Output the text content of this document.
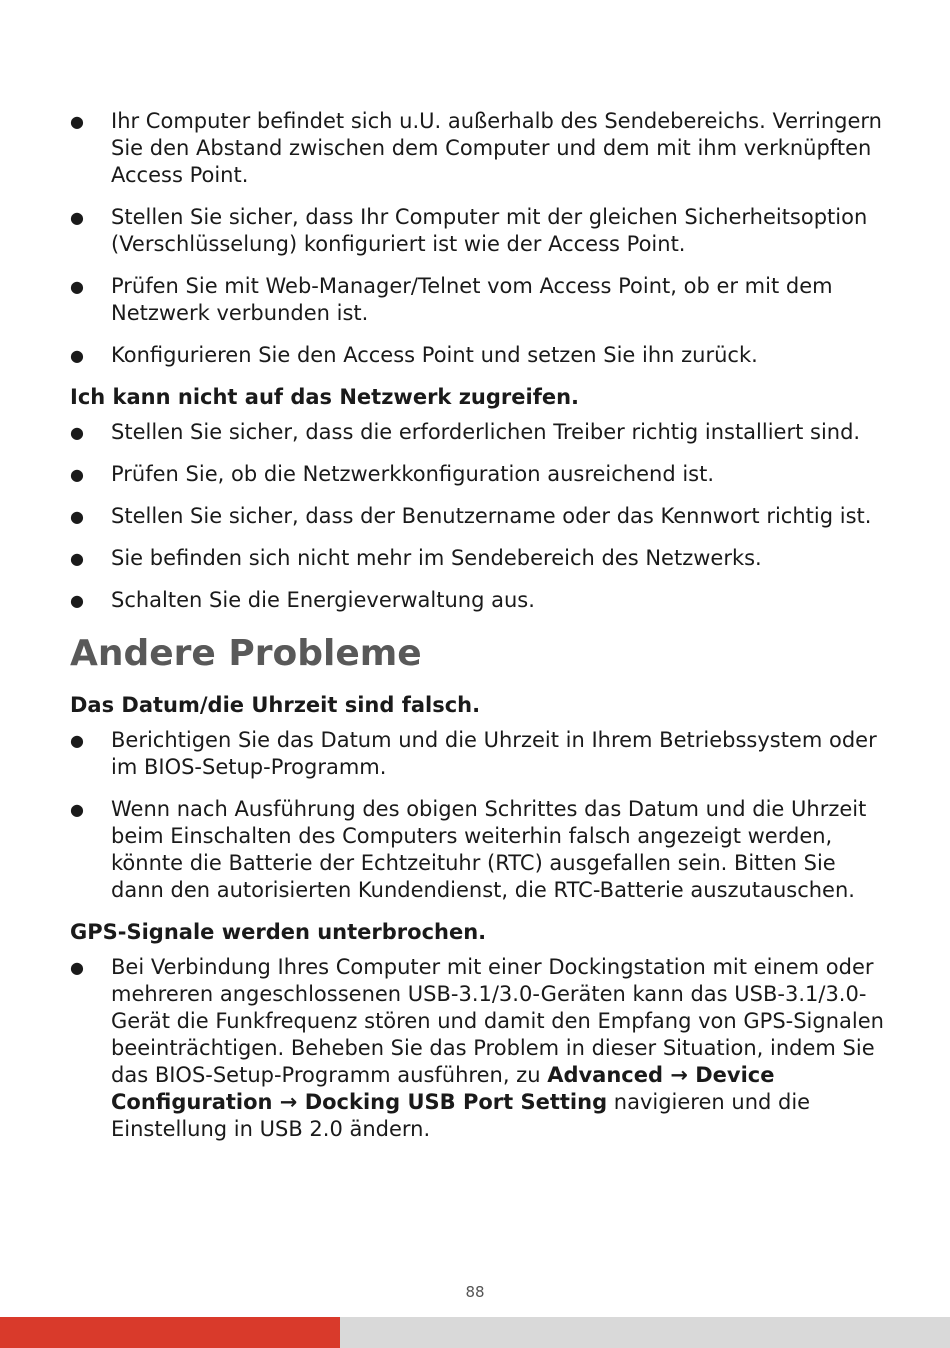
● Ihr Computer befindet sich u.U. außerhalb des Sendebereichs. Verringern Sie den Abstand zwischen dem Computer und dem mit ihm verknüpften Access Point.
● Stellen Sie sicher, dass Ihr Computer mit der gleichen Sicherheitsoption (Verschlüsselung) konfiguriert ist wie der Access Point.
● Prüfen Sie mit Web-Manager/Telnet vom Access Point, ob er mit dem Netzwerk verbunden ist.
● Konfigurieren Sie den Access Point und setzen Sie ihn zurück.
Ich kann nicht auf das Netzwerk zugreifen.
● Stellen Sie sicher, dass die erforderlichen Treiber richtig installiert sind.
● Prüfen Sie, ob die Netzwerkkonfiguration ausreichend ist.
● Stellen Sie sicher, dass der Benutzername oder das Kennwort richtig ist.
● Sie befinden sich nicht mehr im Sendebereich des Netzwerks.
● Schalten Sie die Energieverwaltung aus.
Andere Probleme
Das Datum/die Uhrzeit sind falsch.
● Berichtigen Sie das Datum und die Uhrzeit in Ihrem Betriebssystem oder im BIOS-Setup-Programm.
● Wenn nach Ausführung des obigen Schrittes das Datum und die Uhrzeit beim Einschalten des Computers weiterhin falsch angezeigt werden, könnte die Batterie der Echtzeituhr (RTC) ausgefallen sein. Bitten Sie dann den autorisierten Kundendienst, die RTC-Batterie auszutauschen.
GPS-Signale werden unterbrochen.
● Bei Verbindung Ihres Computer mit einer Dockingstation mit einem oder mehreren angeschlossenen USB-3.1/3.0-Geräten kann das USB-3.1/3.0-Gerät die Funkfrequenz stören und damit den Empfang von GPS-Signalen beeinträchtigen. Beheben Sie das Problem in dieser Situation, indem Sie das BIOS-Setup-Programm ausführen, zu Advanced → Device Configuration → Docking USB Port Setting navigieren und die Einstellung in USB 2.0 ändern.
88
